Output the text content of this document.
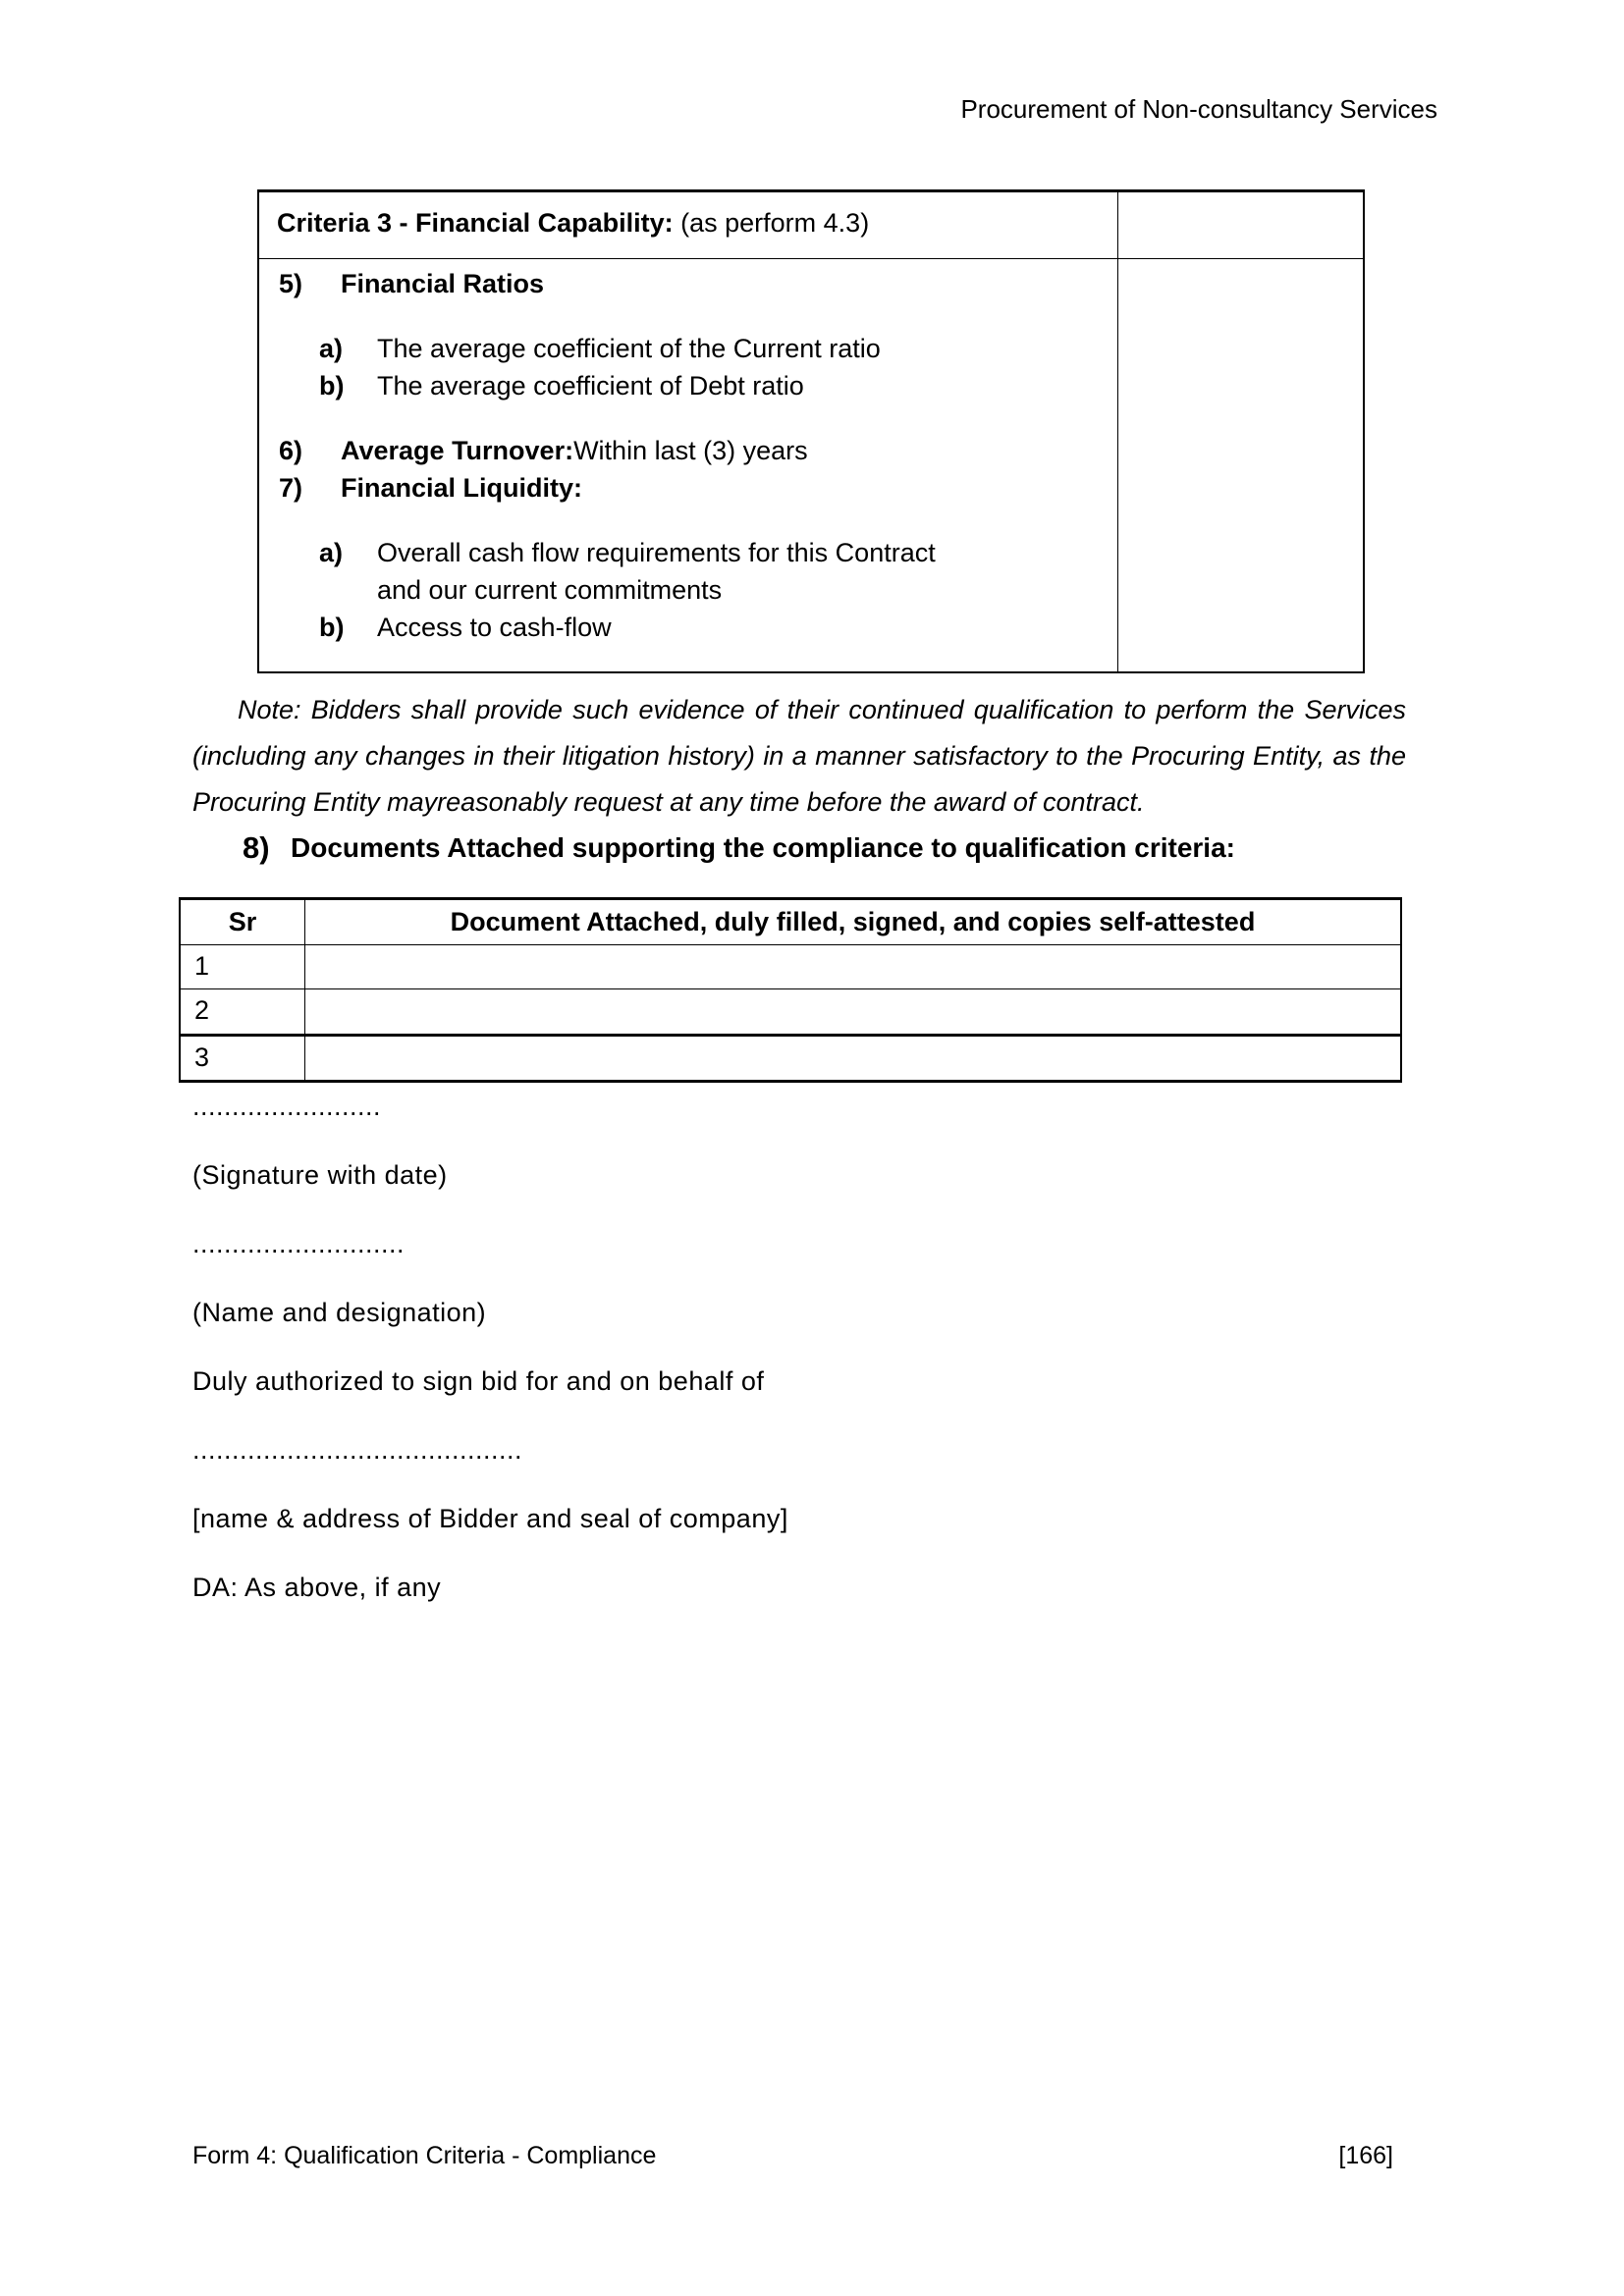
Procurement of Non-consultancy Services
Criteria 3 - Financial Capability: (as perform 4.3)
5)	Financial Ratios
a)	The average coefficient of the Current ratio
b)	The average coefficient of Debt ratio
6)	Average Turnover:Within last (3) years
7)	Financial Liquidity:
a)	Overall cash flow requirements for this Contract and our current commitments
b)	Access to cash-flow
Note: Bidders shall provide such evidence of their continued qualification to perform the Services (including any changes in their litigation history) in a manner satisfactory to the Procuring Entity, as the Procuring Entity mayreasonably request at any time before the award of contract.
8) Documents Attached supporting the compliance to qualification criteria:
Sr	Document Attached, duly filled, signed, and copies self-attested
1
2
3

........................

(Signature with date)

...........................

(Name and designation)

Duly authorized to sign bid for and on behalf of

..........................................

[name & address of Bidder and seal of company]

DA: As above, if any

Form 4: Qualification Criteria - Compliance	[166]
